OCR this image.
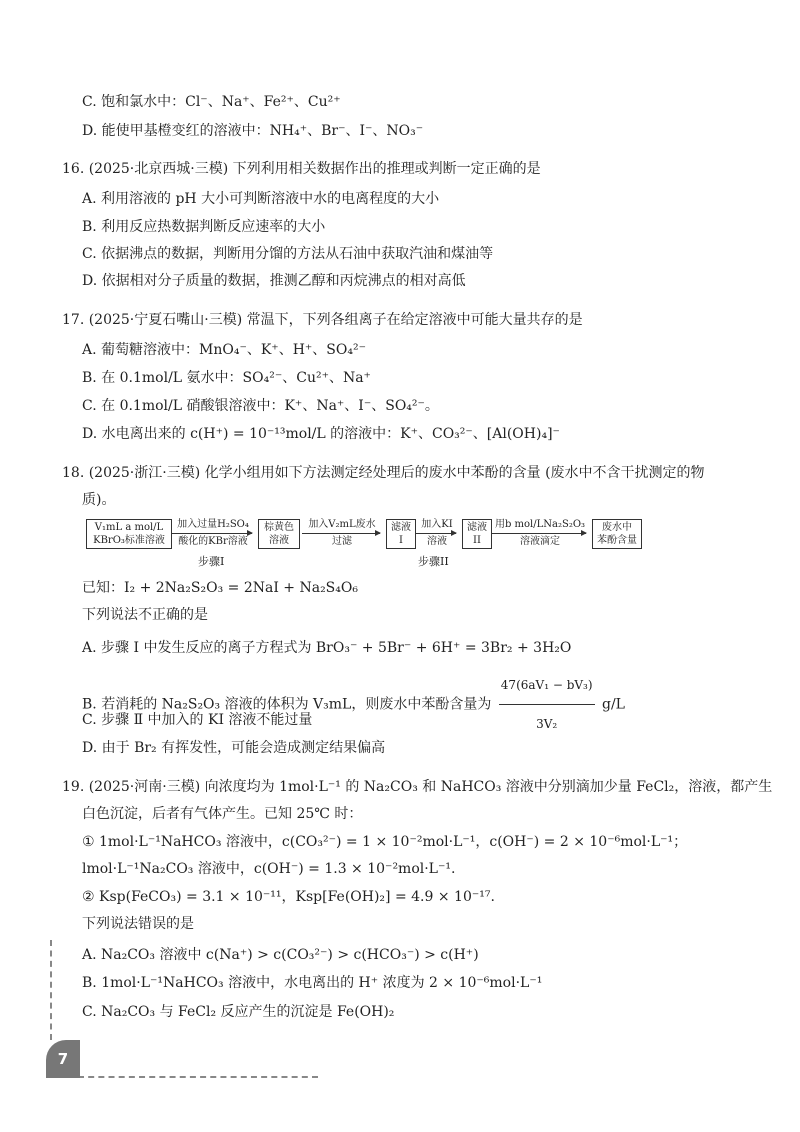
C. 饱和氯水中：Cl⁻、Na⁺、Fe²⁺、Cu²⁺
D. 能使甲基橙变红的溶液中：NH₄⁺、Br⁻、I⁻、NO₃⁻
16. (2025·北京西城·三模) 下列利用相关数据作出的推理或判断一定正确的是
A. 利用溶液的 pH 大小可判断溶液中水的电离程度的大小
B. 利用反应热数据判断反应速率的大小
C. 依据沸点的数据，判断用分馏的方法从石油中获取汽油和煤油等
D. 依据相对分子质量的数据，推测乙醇和丙烷沸点的相对高低
17. (2025·宁夏石嘴山·三模) 常温下，下列各组离子在给定溶液中可能大量共存的是
A. 葡萄糖溶液中：MnO₄⁻、K⁺、H⁺、SO₄²⁻
B. 在 0.1mol/L 氨水中：SO₄²⁻、Cu²⁺、Na⁺
C. 在 0.1mol/L 硝酸银溶液中：K⁺、Na⁺、I⁻、SO₄²⁻。
D. 水电离出来的 c(H⁺) = 10⁻¹³mol/L 的溶液中：K⁺、CO₃²⁻、[Al(OH)₄]⁻
18. (2025·浙江·三模) 化学小组用如下方法测定经处理后的废水中苯酚的含量 (废水中不含干扰测定的物
质)。
已知：I₂ + 2Na₂S₂O₃ = 2NaI + Na₂S₄O₆
下列说法不正确的是
A. 步骤 Ⅰ 中发生反应的离子方程式为 BrO₃⁻ + 5Br⁻ + 6H⁺ = 3Br₂ + 3H₂O
C. 步骤 Ⅱ 中加入的 KI 溶液不能过量
D. 由于 Br₂ 有挥发性，可能会造成测定结果偏高
19. (2025·河南·三模) 向浓度均为 1mol·L⁻¹ 的 Na₂CO₃ 和 NaHCO₃ 溶液中分别滴加少量 FeCl₂，溶液，都产生
白色沉淀，后者有气体产生。已知 25℃ 时：
① 1mol·L⁻¹NaHCO₃ 溶液中，c(CO₃²⁻) = 1 × 10⁻²mol·L⁻¹，c(OH⁻) = 2 × 10⁻⁶mol·L⁻¹；
lmol·L⁻¹Na₂CO₃ 溶液中，c(OH⁻) = 1.3 × 10⁻²mol·L⁻¹.
② Ksp(FeCO₃) = 3.1 × 10⁻¹¹，Ksp[Fe(OH)₂] = 4.9 × 10⁻¹⁷.
下列说法错误的是
A. Na₂CO₃ 溶液中 c(Na⁺) > c(CO₃²⁻) > c(HCO₃⁻) > c(H⁺)
B. 1mol·L⁻¹NaHCO₃ 溶液中，水电离出的 H⁺ 浓度为 2 × 10⁻⁶mol·L⁻¹
C. Na₂CO₃ 与 FeCl₂ 反应产生的沉淀是 Fe(OH)₂
B. 若消耗的 Na₂S₂O₃ 溶液的体积为 V₃mL，则废水中苯酚含量为 $\frac{\text{47(6aV₁ − bV₃)}}{\text{3V₂}} g/L$
V₁mL a mol/L
KBrO₃标准溶液
加入过量H₂SO₄
酸化的KBr溶液
步骤I
棕黄色
溶液
加入V₂mL废水
过滤
滤液
I
加入KI
溶液
步骤II
滤液
II
用b mol/LNa₂S₂O₃
溶液滴定
废水中
苯酚含量
7
